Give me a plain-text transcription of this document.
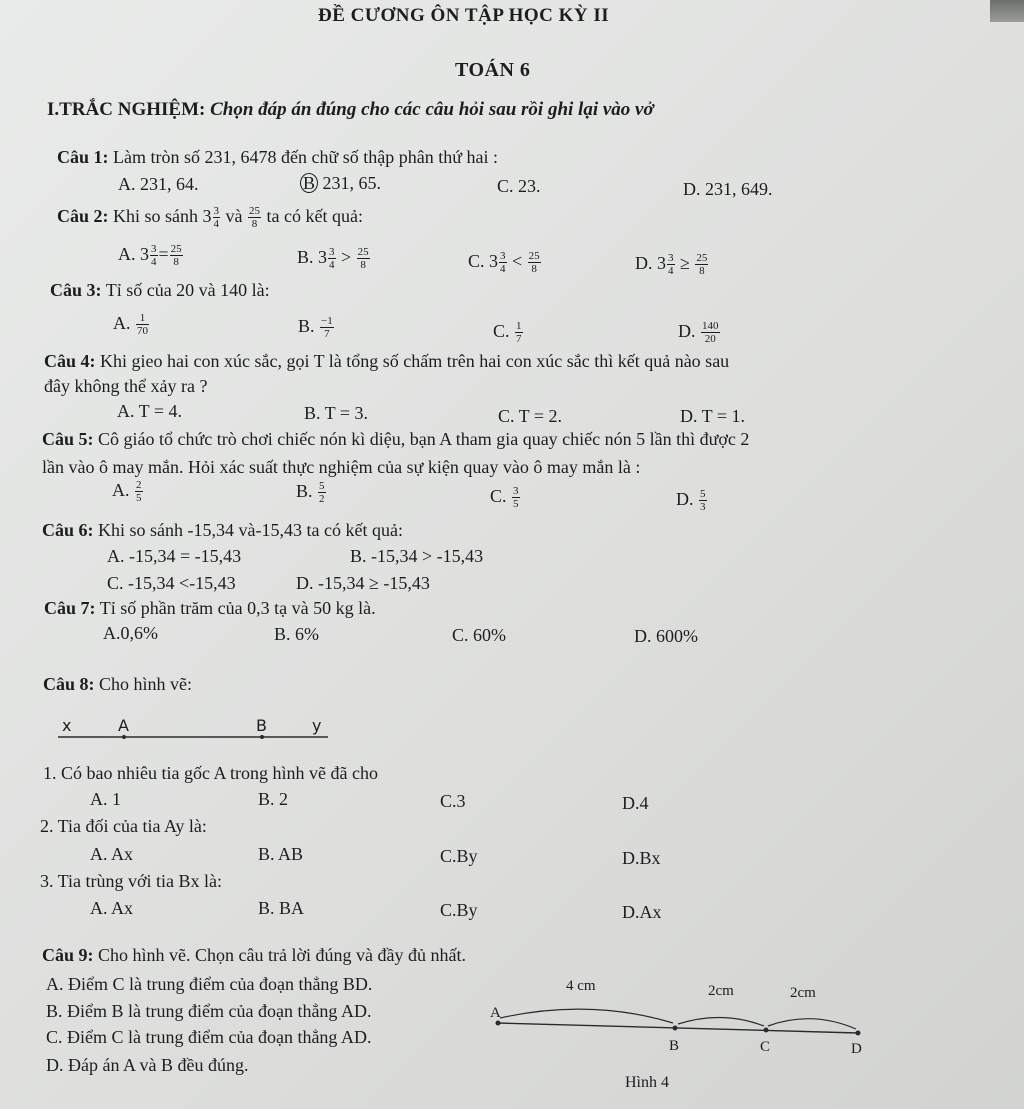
ĐỀ CƯƠNG ÔN TẬP HỌC KỲ II
TOÁN 6
I.TRẮC NGHIỆM: Chọn đáp án đúng cho các câu hỏi sau rồi ghi lại vào vở
Câu 1: Làm tròn số 231, 6478 đến chữ số thập phân thứ hai :
A. 231, 64.	B 231, 65.	C. 23.	D. 231, 649.
Câu 2: Khi so sánh $3 \frac{3}{4}$ và $\frac{25}{8}$ ta có kết quả:
A. $3 \frac{3}{4} = \frac{25}{8}$	B. $3 \frac{3}{4} > \frac{25}{8}$	C. $3 \frac{3}{4} < \frac{25}{8}$	D. $3 \frac{3}{4} \ge \frac{25}{8}$
Câu 3: Tỉ số của 20 và 140 là:
A. $\frac{1}{70}$	B. $\frac{-1}{7}$	C. $\frac{1}{7}$	D. $\frac{140}{20}$
Câu 4: Khi gieo hai con xúc sắc, gọi T là tổng số chấm trên hai con xúc sắc thì kết quả nào sau
đây không thể xảy ra ?
A. T = 4.	B. T = 3.	C. T = 2.	D. T = 1.
Câu 5: Cô giáo tổ chức trò chơi chiếc nón kì diệu, bạn A tham gia quay chiếc nón 5 lần thì được 2
lần vào ô may mắn. Hỏi xác suất thực nghiệm của sự kiện quay vào ô may mắn là :
A. $\frac{2}{5}$	B. $\frac{5}{2}$	C. $\frac{3}{5}$	D. $\frac{5}{3}$
Câu 6: Khi so sánh -15,34 và-15,43 ta có kết quả:
A. -15,34 = -15,43	B. -15,34 > -15,43
C. -15,34 <-15,43	D. -15,34 ≥ -15,43
Câu 7: Tỉ số phần trăm của 0,3 tạ và 50 kg là.
A.0,6%	B. 6%	C. 60%	D. 600%
Câu 8: Cho hình vẽ:
x	A	B	y
1. Có bao nhiêu tia gốc A trong hình vẽ đã cho
A. 1	B. 2	C.3	D.4
2. Tia đối của tia Ay là:
A. Ax	B. AB	C.By	D.Bx
3. Tia trùng với tia Bx là:
A. Ax	B. BA	C.By	D.Ax
Câu 9: Cho hình vẽ. Chọn câu trả lời đúng và đầy đủ nhất.
A. Điểm C là trung điểm của đoạn thẳng BD.
B. Điểm B là trung điểm của đoạn thẳng AD.
C. Điểm C là trung điểm của đoạn thẳng AD.
D. Đáp án A và B đều đúng.
4 cm	2cm	2cm
A
B	C	D
Hình 4
